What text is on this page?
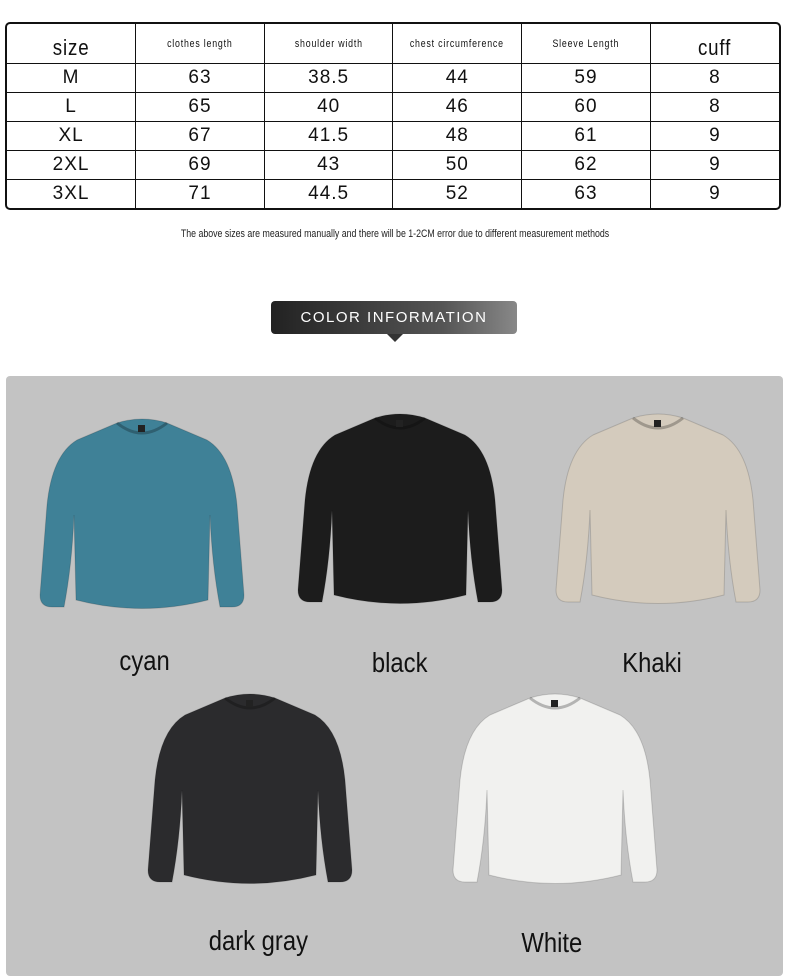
size	clothes length	shoulder width	chest circumference	Sleeve Length	cuff
M	63	38.5	44	59	8
L	65	40	46	60	8
XL	67	41.5	48	61	9
2XL	69	43	50	62	9
3XL	71	44.5	52	63	9
The above sizes are measured manually and there will be 1-2CM error due to different measurement methods
COLOR INFORMATION
cyan	black	Khaki
dark gray	White
